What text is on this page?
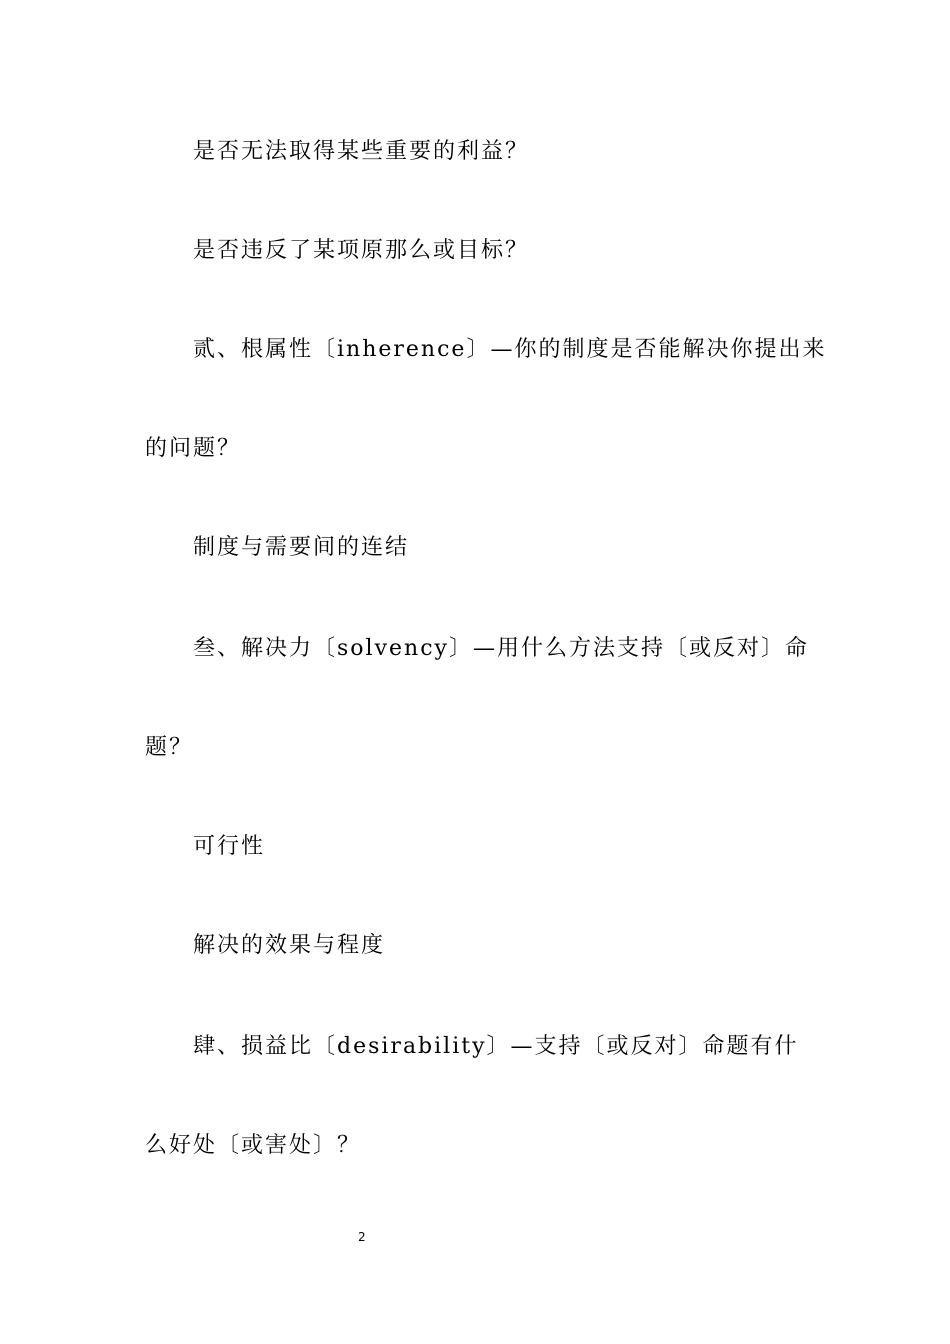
是否无法取得某些重要的利益？
是否违反了某项原那么或目标？
贰、根属性〔inherence〕—你的制度是否能解决你提出来
的问题？
制度与需要间的连结
叁、解决力〔solvency〕—用什么方法支持〔或反对〕命
题？
可行性
解决的效果与程度
肆、损益比〔desirability〕—支持〔或反对〕命题有什
么好处〔或害处〕？
2
